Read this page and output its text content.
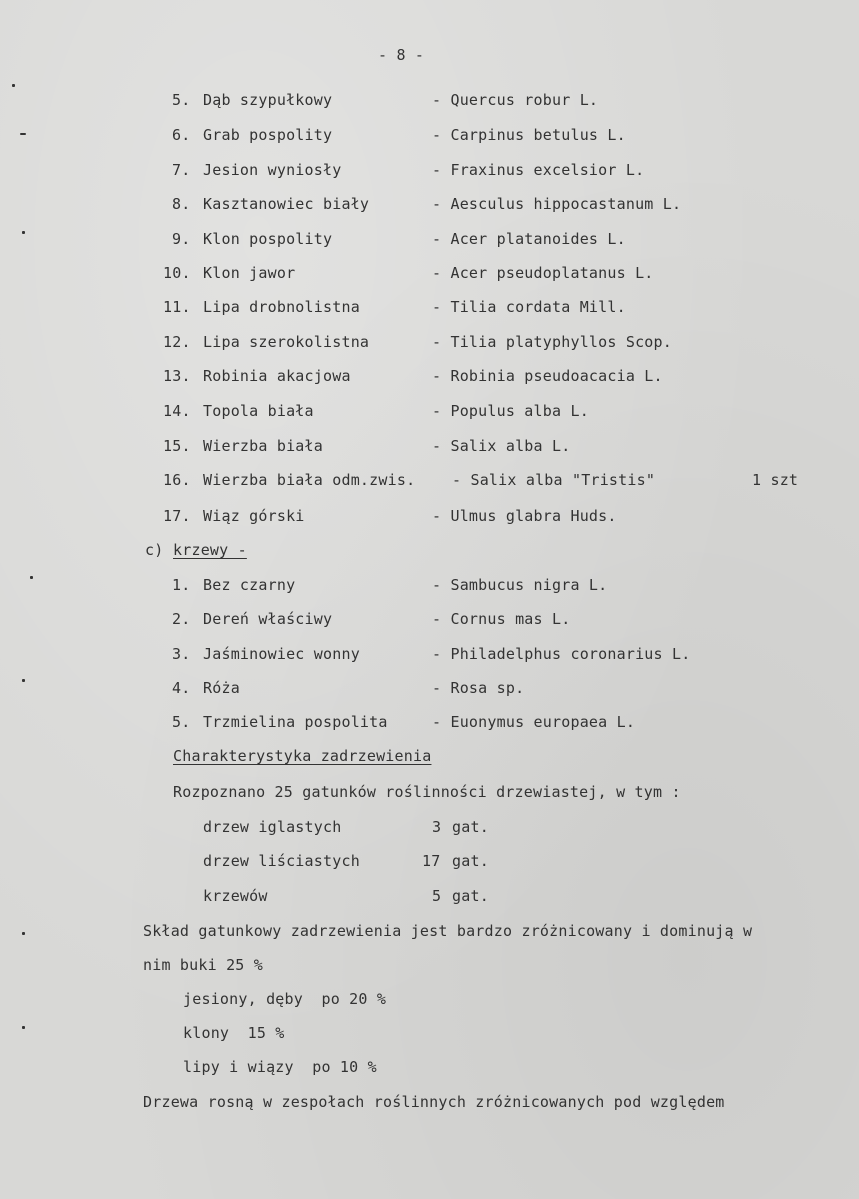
- 8 -
5. Dąb szypułkowy	- Quercus robur L.
6. Grab pospolity	- Carpinus betulus L.
7. Jesion wyniosły	- Fraxinus excelsior L.
8. Kasztanowiec biały	- Aesculus hippocastanum L.
9. Klon pospolity	- Acer platanoides L.
10. Klon jawor	- Acer pseudoplatanus L.
11. Lipa drobnolistna	- Tilia cordata Mill.
12. Lipa szerokolistna	- Tilia platyphyllos Scop.
13. Robinia akacjowa	- Robinia pseudoacacia L.
14. Topola biała	- Populus alba L.
15. Wierzba biała	- Salix alba L.
16. Wierzba biała odm.zwis. - Salix alba "Tristis"	1 szt
17. Wiąz górski	- Ulmus glabra Huds.
c) krzewy -
1. Bez czarny	- Sambucus nigra L.
2. Dereń właściwy	- Cornus mas L.
3. Jaśminowiec wonny	- Philadelphus coronarius L.
4. Róża	- Rosa sp.
5. Trzmielina pospolita	- Euonymus europaea L.
Charakterystyka zadrzewienia
Rozpoznano 25 gatunków roślinności drzewiastej, w tym :
drzew iglastych	3 gat.
drzew liściastych	17 gat.
krzewów	5 gat.
Skład gatunkowy zadrzewienia jest bardzo zróżnicowany i dominują w
nim buki 25 %
jesiony, dęby  po 20 %
klony  15 %
lipy i wiązy  po 10 %
Drzewa rosną w zespołach roślinnych zróżnicowanych pod względem
